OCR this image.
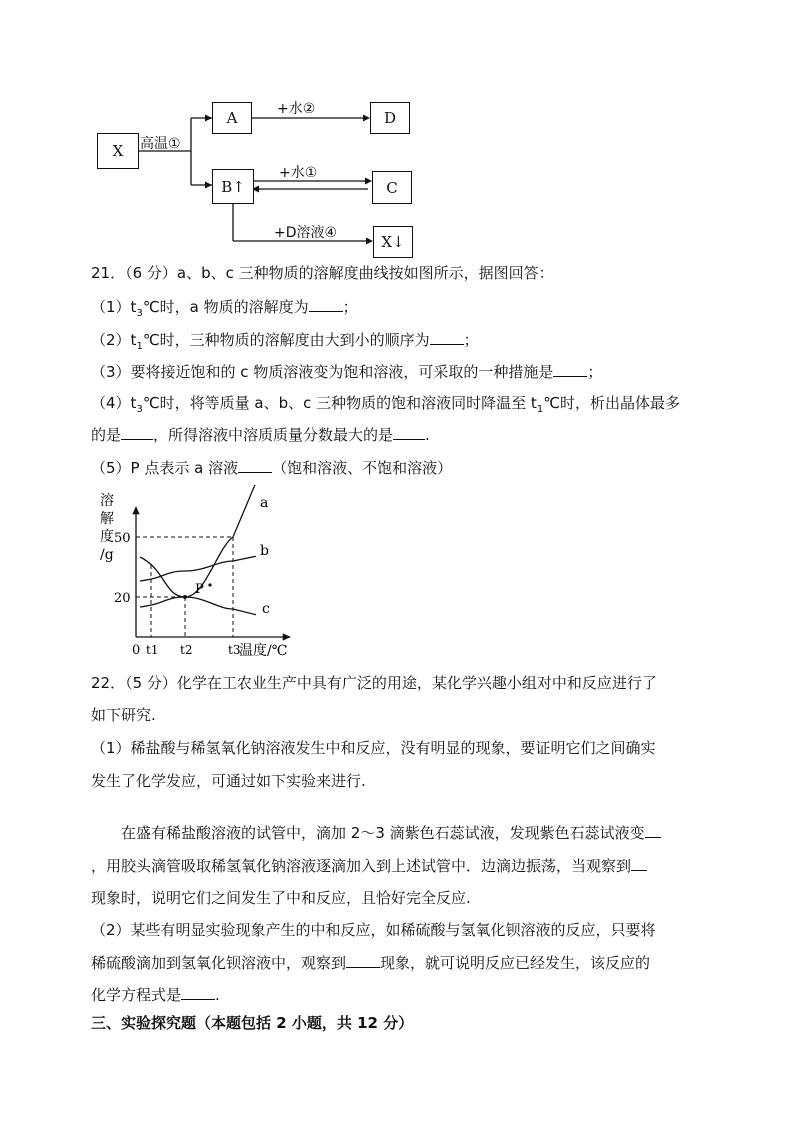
X
A
B↑
D
C
X↓
高温①
+水②
+水①
+D溶液④
21．（6 分）a、b、c 三种物质的溶解度曲线按如图所示，据图回答：
$(1)t_3℃$时，a 物质的溶解度为 ；
$(2)t_1℃$时，三种物质的溶解度由大到小的顺序为 ；
（3）要将接近饱和的 c 物质溶液变为饱和溶液，可采取的一种措施是 ；
$(4)t_3℃$时，将等质量 a、b、c 三种物质的饱和溶液同时降温至 $t_1℃$时，析出晶体最多
的是 ，所得溶液中溶质质量分数最大的是 .
（5）P 点表示 a 溶液 （饱和溶液、不饱和溶液）
溶
解
度
/g
20
50
0 t1 t2	t3
温度/℃
a
b
c
P
22．（5 分）化学在工农业生产中具有广泛的用途，某化学兴趣小组对中和反应进行了
如下研究.
（1）稀盐酸与稀氢氧化钠溶液发生中和反应，没有明显的现象，要证明它们之间确实
发生了化学发应，可通过如下实验来进行.
在盛有稀盐酸溶液的试管中，滴加 2～3 滴紫色石蕊试液，发现紫色石蕊试液变
，用胶头滴管吸取稀氢氧化钠溶液逐滴加入到上述试管中．边滴边振荡，当观察到
现象时，说明它们之间发生了中和反应，且恰好完全反应.
（2）某些有明显实验现象产生的中和反应，如稀硫酸与氢氧化钡溶液的反应，只要将
稀硫酸滴加到氢氧化钡溶液中，观察到 现象，就可说明反应已经发生，该反应的
化学方程式是 .
三、实验探究题（本题包括 2 小题，共 12 分）
